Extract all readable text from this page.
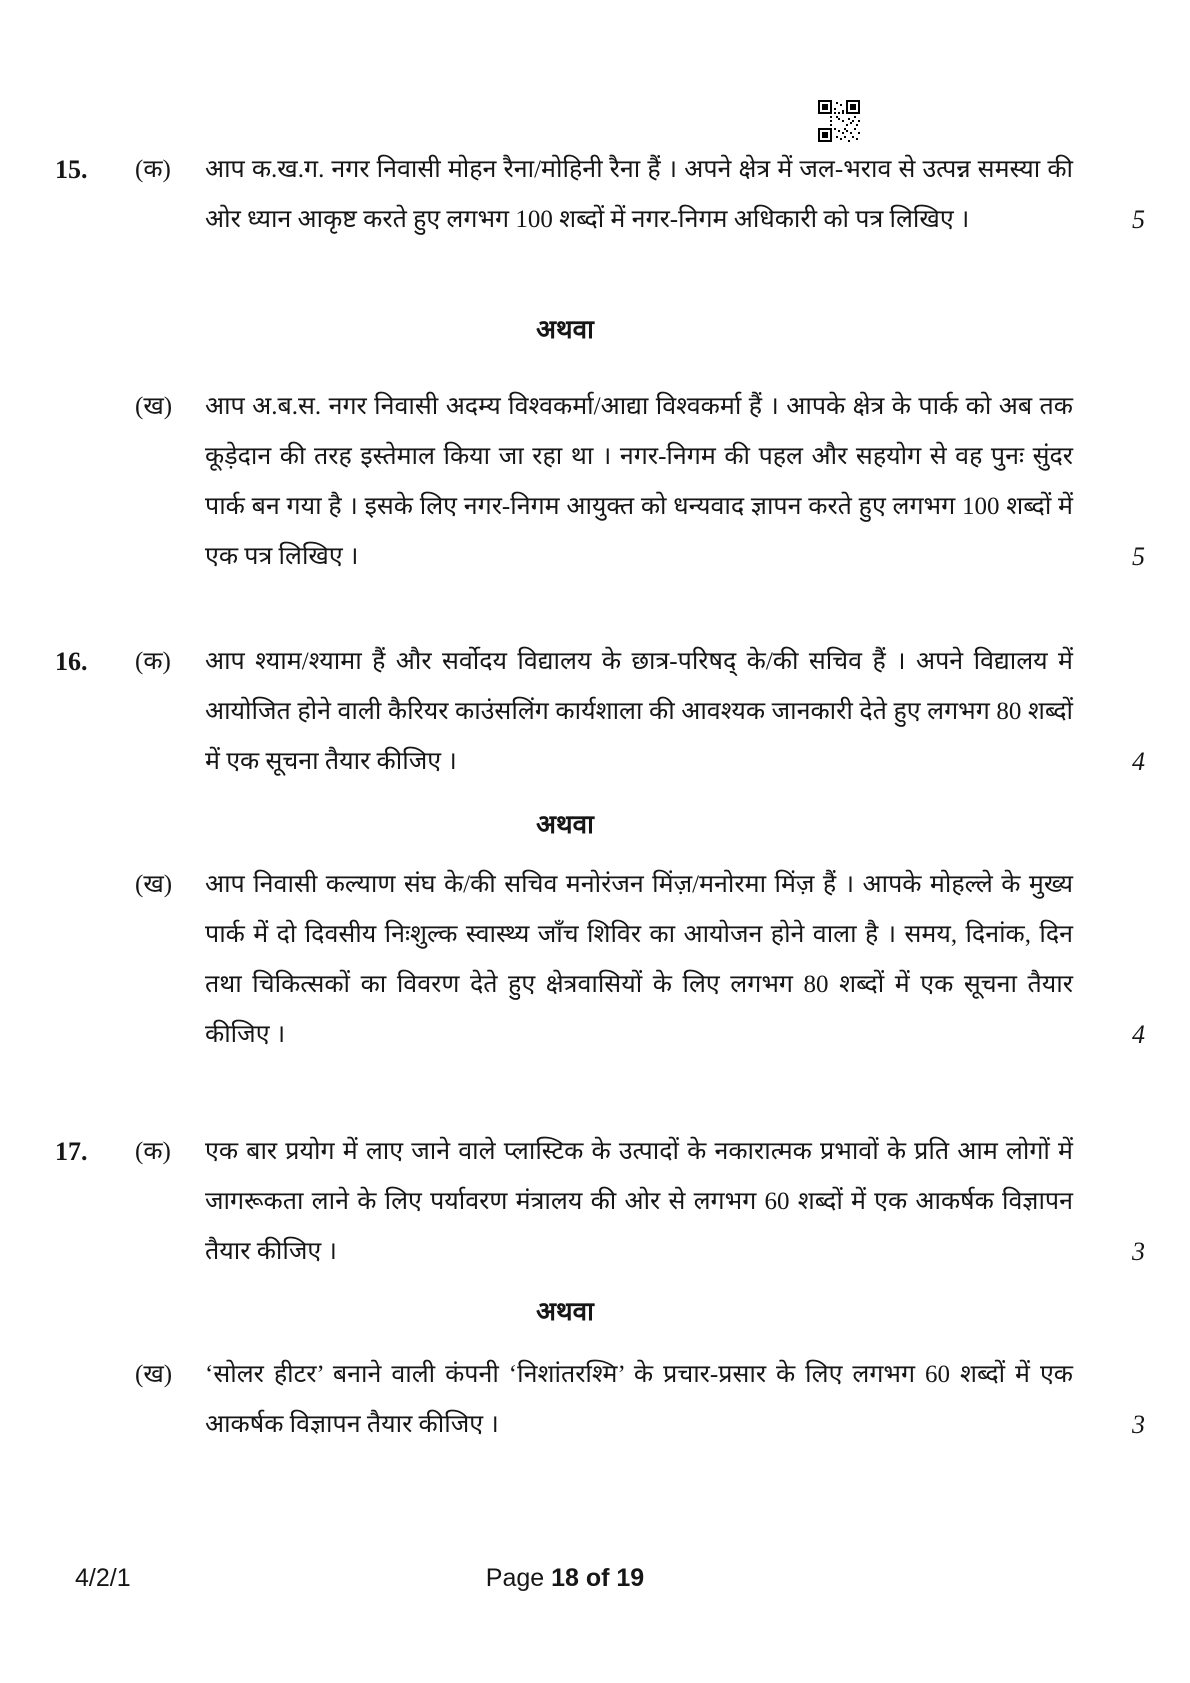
15.	(क)	आप क.ख.ग. नगर निवासी मोहन रैना/मोहिनी रैना हैं । अपने क्षेत्र में जल-भराव से उत्पन्न समस्या की ओर ध्यान आकृष्ट करते हुए लगभग 100 शब्दों में नगर-निगम अधिकारी को पत्र लिखिए ।	5
अथवा
(ख)	आप अ.ब.स. नगर निवासी अदम्य विश्वकर्मा/आद्या विश्वकर्मा हैं । आपके क्षेत्र के पार्क को अब तक कूड़ेदान की तरह इस्तेमाल किया जा रहा था । नगर-निगम की पहल और सहयोग से वह पुनः सुंदर पार्क बन गया है । इसके लिए नगर-निगम आयुक्त को धन्यवाद ज्ञापन करते हुए लगभग 100 शब्दों में एक पत्र लिखिए ।	5
16.	(क)	आप श्याम/श्यामा हैं और सर्वोदय विद्यालय के छात्र-परिषद् के/की सचिव हैं । अपने विद्यालय में आयोजित होने वाली कैरियर काउंसलिंग कार्यशाला की आवश्यक जानकारी देते हुए लगभग 80 शब्दों में एक सूचना तैयार कीजिए ।	4
अथवा
(ख)	आप निवासी कल्याण संघ के/की सचिव मनोरंजन मिंज़/मनोरमा मिंज़ हैं । आपके मोहल्ले के मुख्य पार्क में दो दिवसीय निःशुल्क स्वास्थ्य जाँच शिविर का आयोजन होने वाला है । समय, दिनांक, दिन तथा चिकित्सकों का विवरण देते हुए क्षेत्रवासियों के लिए लगभग 80 शब्दों में एक सूचना तैयार कीजिए ।	4
17.	(क)	एक बार प्रयोग में लाए जाने वाले प्लास्टिक के उत्पादों के नकारात्मक प्रभावों के प्रति आम लोगों में जागरूकता लाने के लिए पर्यावरण मंत्रालय की ओर से लगभग 60 शब्दों में एक आकर्षक विज्ञापन तैयार कीजिए ।	3
अथवा
(ख)	‘सोलर हीटर’ बनाने वाली कंपनी ‘निशांतरश्मि’ के प्रचार-प्रसार के लिए लगभग 60 शब्दों में एक आकर्षक विज्ञापन तैयार कीजिए ।	3
4/2/1	Page 18 of 19
